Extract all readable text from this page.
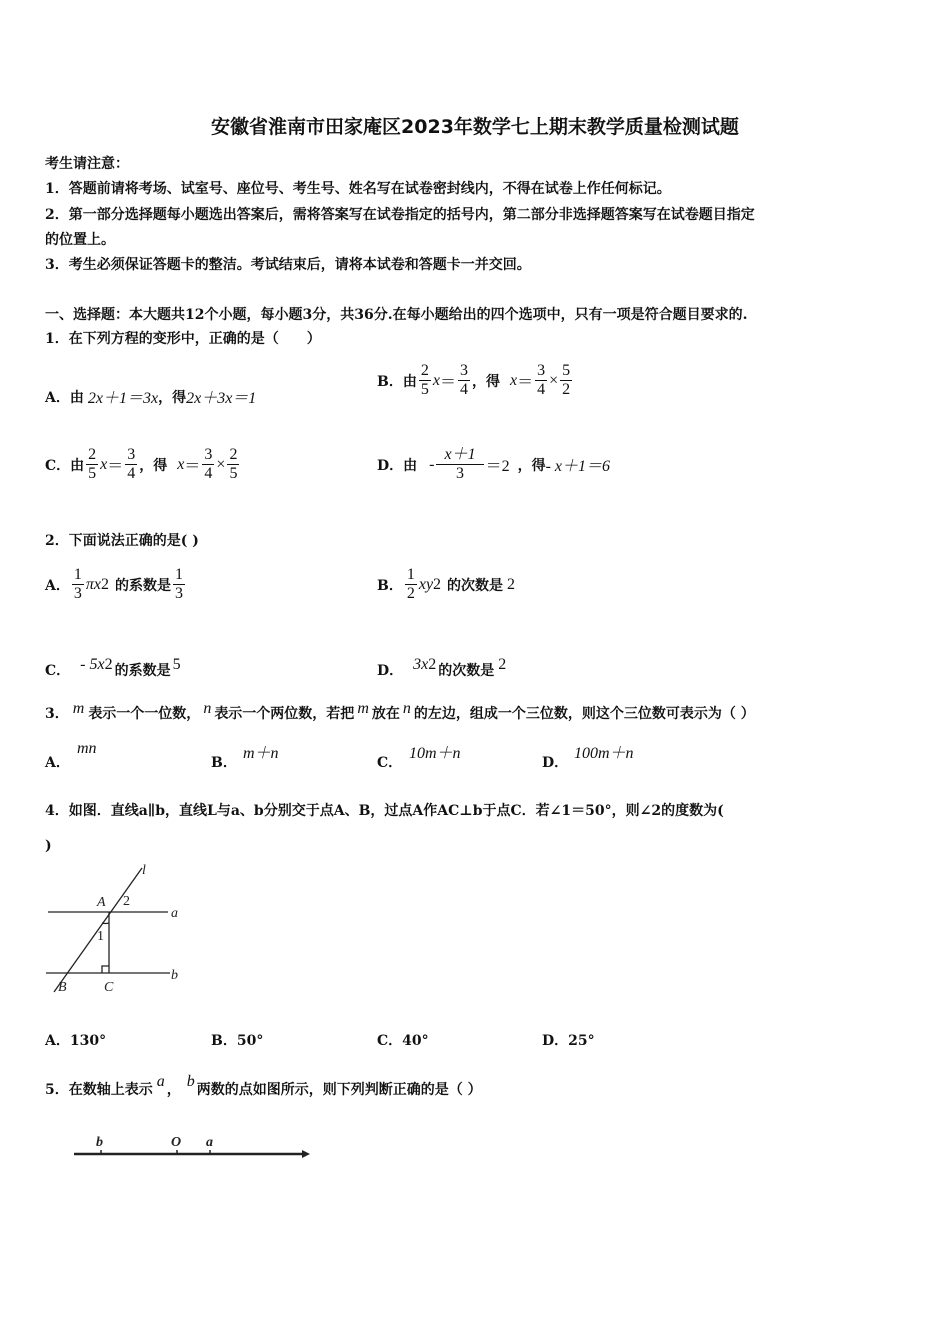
安徽省淮南市田家庵区2023年数学七上期末教学质量检测试题
考生请注意：
1．答题前请将考场、试室号、座位号、考生号、姓名写在试卷密封线内，不得在试卷上作任何标记。
2．第一部分选择题每小题选出答案后，需将答案写在试卷指定的括号内，第二部分非选择题答案写在试卷题目指定
的位置上。
3．考生必须保证答题卡的整洁。考试结束后，请将本试卷和答题卡一并交回。
一、选择题：本大题共12个小题，每小题3分，共36分.在每小题给出的四个选项中，只有一项是符合题目要求的.
1．在下列方程的变形中，正确的是（　　）
A．由 2x＋1＝3x ，得 2x＋3x＝1
B．由 $\frac{2}{5}$ $x = \frac{3}{4}$ ，得 $x = \frac{3}{4} \times \frac{5}{2}$
C．由 $\frac{2}{5}$ $x = \frac{3}{4}$ ，得 $x = \frac{3}{4} \times \frac{2}{5}$	D．由 - $\frac{x+1}{3} =2$ ，得 - x＋1＝6
2．下面说法正确的是( )
A． $\frac{1}{3}$ πx 2 的系数是 $\frac{1}{3}$	B． $\frac{1}{2}$ xy 2 的次数是 2
C． - 5x 2 的系数是 5	D． 3x 2 的次数是 2
3． m 表示一个一位数， n 表示一个两位数，若把 m 放在 n 的左边，组成一个三位数，则这个三位数可表示为（ ）
A．
mn
B．
m＋n
C．
10m＋n
D．
100m＋n
4．如图．直线a∥b，直线L与a、b分别交于点A、B，过点A作AC⊥b于点C．若∠1＝50°，则∠2的度数为(
)
l
A
a
b
B	C
2
1
A．130°	B．50°	C．40°	D．25°
5．在数轴上表示 a ， b 两数的点如图所示，则下列判断正确的是（ ）
b	O a
